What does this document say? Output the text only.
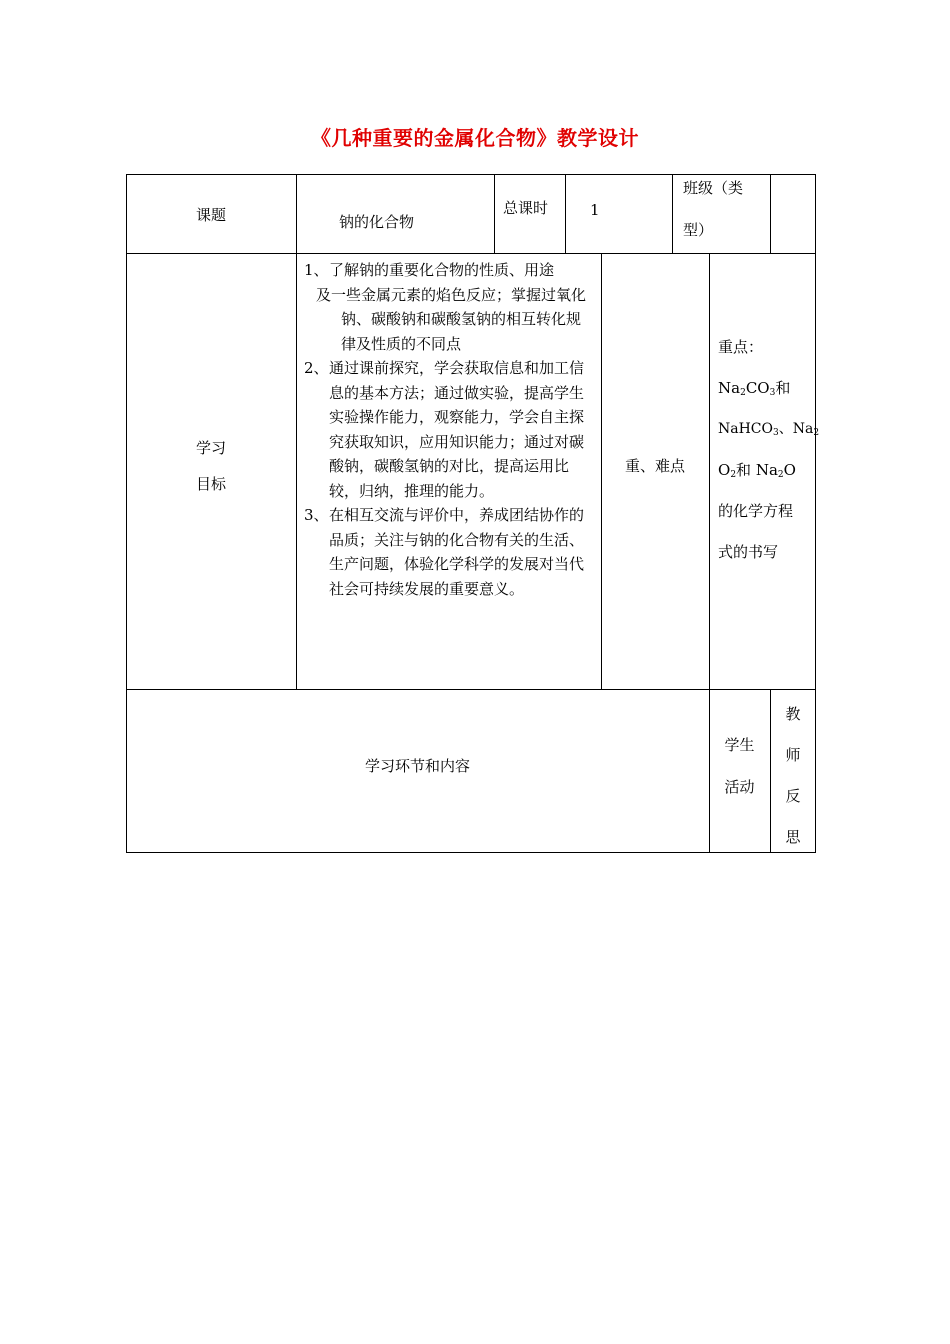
《几种重要的金属化合物》教学设计
课题	钠的化合物
总课时	1
班级（类
型）
学习
目标
1、了解钠的重要化合物的性质、用途
及一些金属元素的焰色反应；掌握过氧化钠、碳酸钠和碳酸氢钠的相互转化规律及性质的不同点
2、通过课前探究，学会获取信息和加工信息的基本方法；通过做实验，提高学生实验操作能力，观察能力，学会自主探究获取知识，应用知识能力；通过对碳酸钠，碳酸氢钠的对比，提高运用比较，归纳，推理的能力。
3、在相互交流与评价中，养成团结协作的品质；关注与钠的化合物有关的生活、生产问题，体验化学科学的发展对当代社会可持续发展的重要意义。
重、难点
重点：
$Na_2CO_3$和
NaHCO$_3$、$Na_2$
$O_2$和 $Na_2O$
的化学方程
式的书写
学习环节和内容
学生
活动
教
师
反
思
